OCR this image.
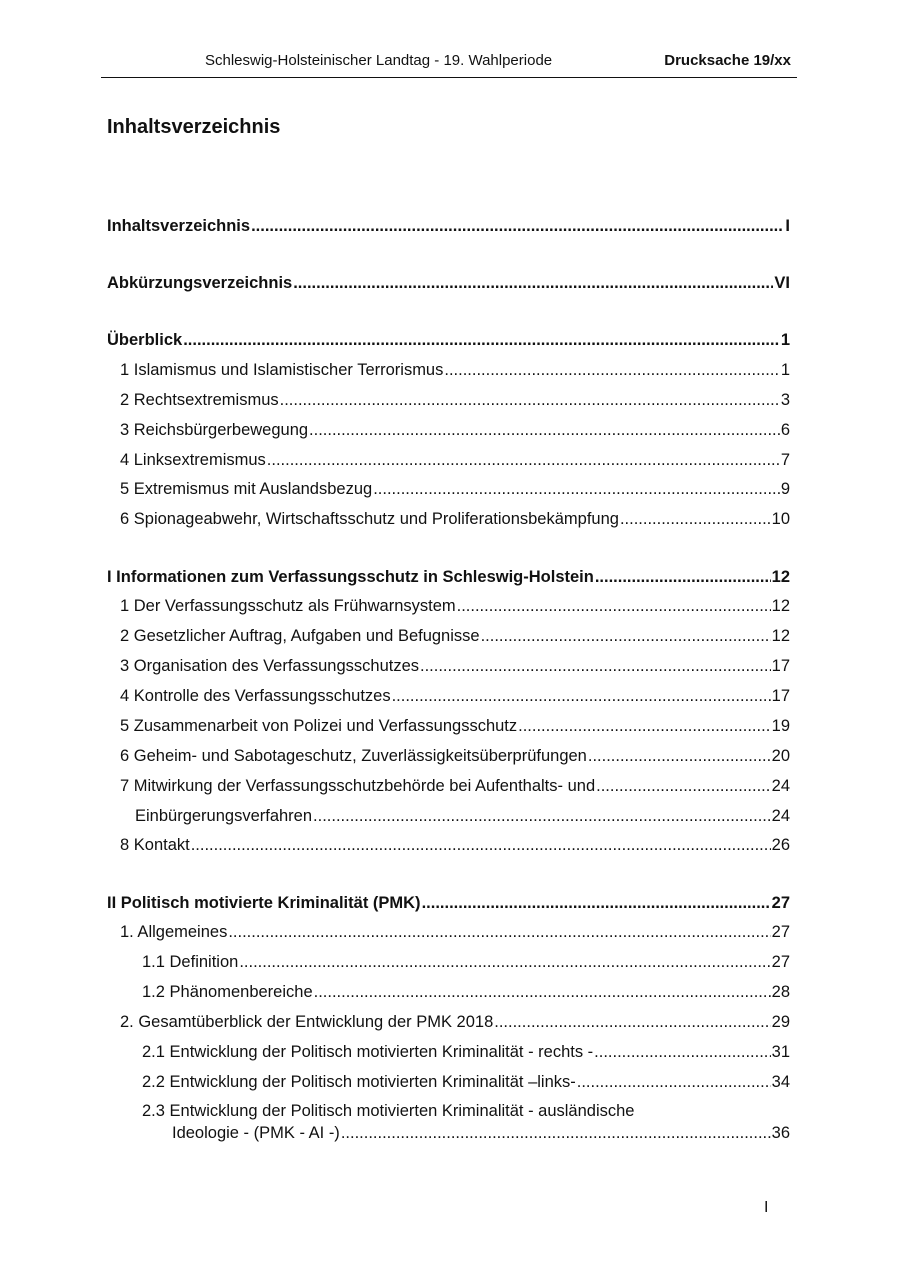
Schleswig-Holsteinischer Landtag - 19. Wahlperiode	Drucksache 19/xx
Inhaltsverzeichnis
Inhaltsverzeichnis .....	I
Abkürzungsverzeichnis .....	VI
Überblick .....	1
1 Islamismus und Islamistischer Terrorismus .....	1
2 Rechtsextremismus .....	3
3 Reichsbürgerbewegung .....	6
4 Linksextremismus .....	7
5 Extremismus mit Auslandsbezug .....	9
6 Spionageabwehr, Wirtschaftsschutz und Proliferationsbekämpfung .....	10
I Informationen zum Verfassungsschutz in Schleswig-Holstein .....	12
1 Der Verfassungsschutz als Frühwarnsystem .....	12
2 Gesetzlicher Auftrag, Aufgaben und Befugnisse .....	12
3 Organisation des Verfassungsschutzes .....	17
4 Kontrolle des Verfassungsschutzes .....	17
5 Zusammenarbeit von Polizei und Verfassungsschutz .....	19
6 Geheim- und Sabotageschutz, Zuverlässigkeitsüberprüfungen .....	20
7 Mitwirkung der Verfassungsschutzbehörde bei Aufenthalts- und .....	24
Einbürgerungsverfahren .....	24
8 Kontakt .....	26
II Politisch motivierte Kriminalität (PMK) .....	27
1. Allgemeines .....	27
1.1 Definition .....	27
1.2 Phänomenbereiche .....	28
2. Gesamtüberblick der Entwicklung der PMK 2018 .....	29
2.1 Entwicklung der Politisch motivierten Kriminalität - rechts - .....	31
2.2 Entwicklung der Politisch motivierten Kriminalität –links- .....	34
2.3 Entwicklung der Politisch motivierten Kriminalität - ausländische
Ideologie - (PMK - AI -) .....	36
I
